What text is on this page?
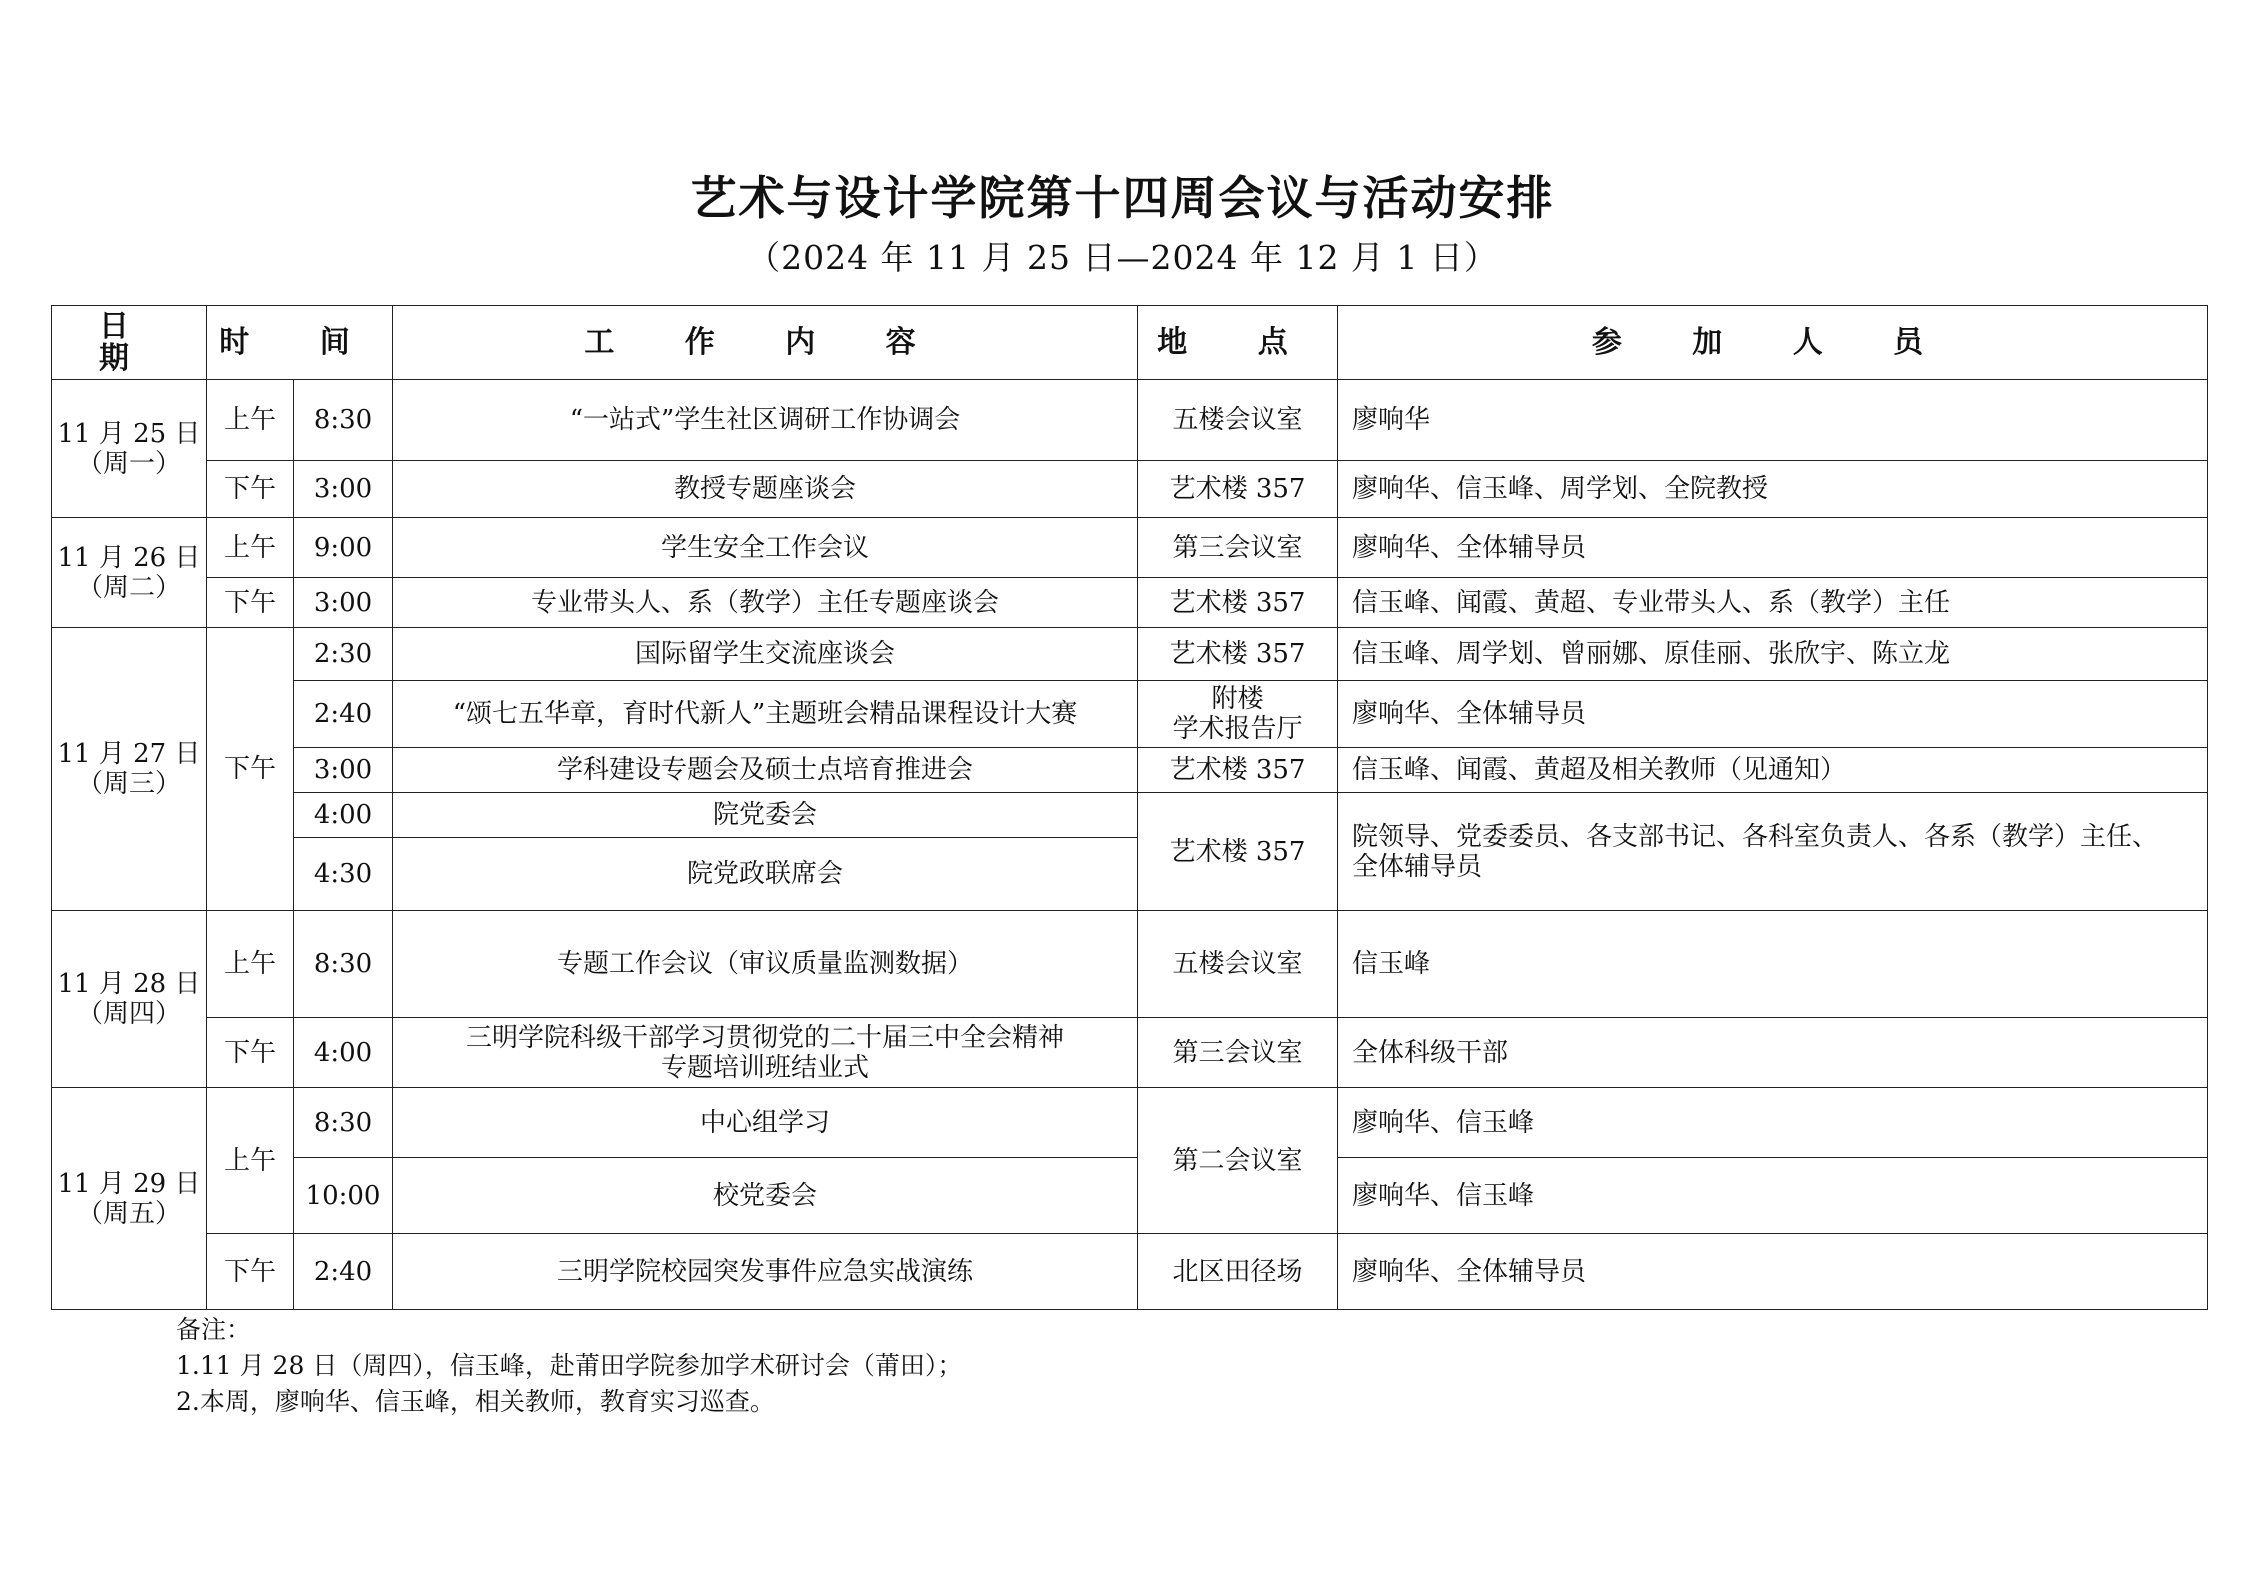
艺术与设计学院第十四周会议与活动安排
（2024 年 11 月 25 日—2024 年 12 月 1 日）
日 期	时 间		工 作 内 容	地 点	参 加 人 员

11 月 25 日
（周一）	上午	8:30	“一站式”学生社区调研工作协调会	五楼会议室	廖响华
	下午	3:00	教授专题座谈会	艺术楼 357	廖响华、信玉峰、周学划、全院教授

11 月 26 日
（周二）	上午	9:00	学生安全工作会议	第三会议室	廖响华、全体辅导员
	下午	3:00	专业带头人、系（教学）主任专题座谈会	艺术楼 357	信玉峰、闻霞、黄超、专业带头人、系（教学）主任

11 月 27 日
（周三）	下午	2:30	国际留学生交流座谈会	艺术楼 357	信玉峰、周学划、曾丽娜、原佳丽、张欣宇、陈立龙
		2:40	“颂七五华章，育时代新人”主题班会精品课程设计大赛	附楼
学术报告厅	廖响华、全体辅导员
		3:00	学科建设专题会及硕士点培育推进会	艺术楼 357	信玉峰、闻霞、黄超及相关教师（见通知）
		4:00	院党委会	艺术楼 357	院领导、党委委员、各支部书记、各科室负责人、各系（教学）主任、
全体辅导员

		4:30	院党政联席会		

11 月 28 日
（周四）	上午	8:30	专题工作会议（审议质量监测数据）	五楼会议室	信玉峰
	下午	4:00	三明学院科级干部学习贯彻党的二十届三中全会精神
专题培训班结业式	第三会议室	全体科级干部

11 月 29 日
（周五）	上午	8:30	中心组学习	第二会议室	廖响华、信玉峰
		10:00	校党委会		廖响华、信玉峰
	下午	2:40	三明学院校园突发事件应急实战演练	北区田径场	廖响华、全体辅导员
备注：
1.11 月 28 日（周四），信玉峰，赴莆田学院参加学术研讨会（莆田）；
2.本周，廖响华、信玉峰，相关教师，教育实习巡查。
